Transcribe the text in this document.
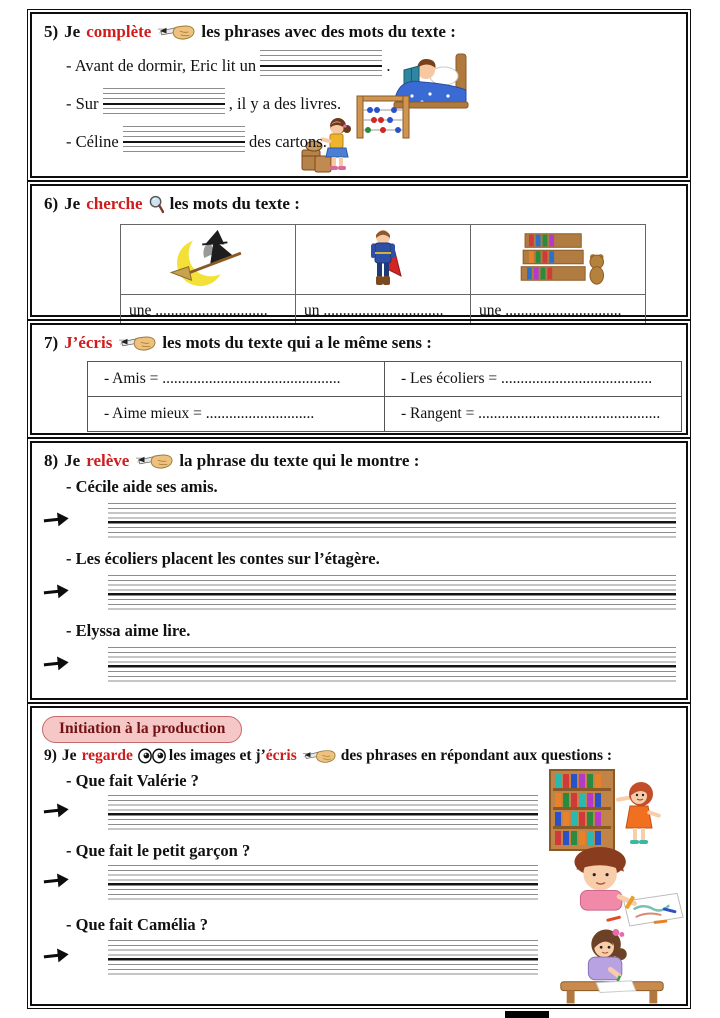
5) Je complète	les phrases avec des mots du texte :
- Avant de dormir, Eric lit un	.
- Sur	, il y a des livres.
- Céline	des cartons.
6) Je cherche les mots du texte :

une .............................	un ...............................	une ..............................
7) J’écris	les mots du texte qui a le même sens :
- Amis = ..............................................	- Les écoliers = .......................................
- Aime mieux = ............................	- Rangent = ...............................................
8) Je relève	la phrase du texte qui le montre :
- Cécile aide ses amis.
- Les écoliers placent les contes sur l’étagère.
- Elyssa aime lire.
Initiation à la production
9) Je regarde les images et j’ écris	des phrases en répondant aux questions :
- Que fait Valérie ?
- Que fait le petit garçon ?
- Que fait Camélia ?
